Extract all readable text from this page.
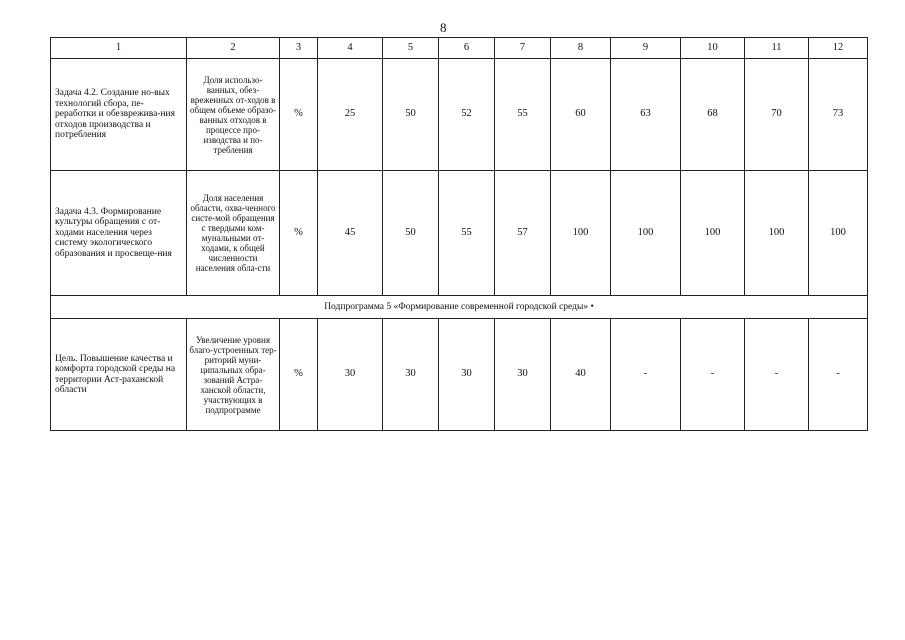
8
1	2	3	4	5	6	7	8	9	10	11	12
Задача 4.2. Создание но-вых технологий сбора, пе-реработки и обезврежива-ния отходов производства и потребления	Доля использо-ванных, обез-вреженных от-ходов в общем объеме образо-ванных отходов в процессе про-изводства и по-требления	%	25	50	52	55	60	63	68	70	73
Задача 4.3. Формирование культуры обращения с от-ходами населения через систему экологического образования и просвеще-ния	Доля населения области, охва-ченного систе-мой обращения с твердыми ком-мунальными от-ходами, к общей численности населения обла-сти	%	45	50	55	57	100	100	100	100	100
Подпрограмма 5 «Формирование современной городской среды» •											
Цель. Повышение качества и комфорта городской среды на территории Аст-раханской области	Увеличение уровня благо-устроенных тер-риторий муни-ципальных обра-зований Астра-ханской области, участвующих в подпрограмме	%	30	30	30	30	40	-	-	-	-
